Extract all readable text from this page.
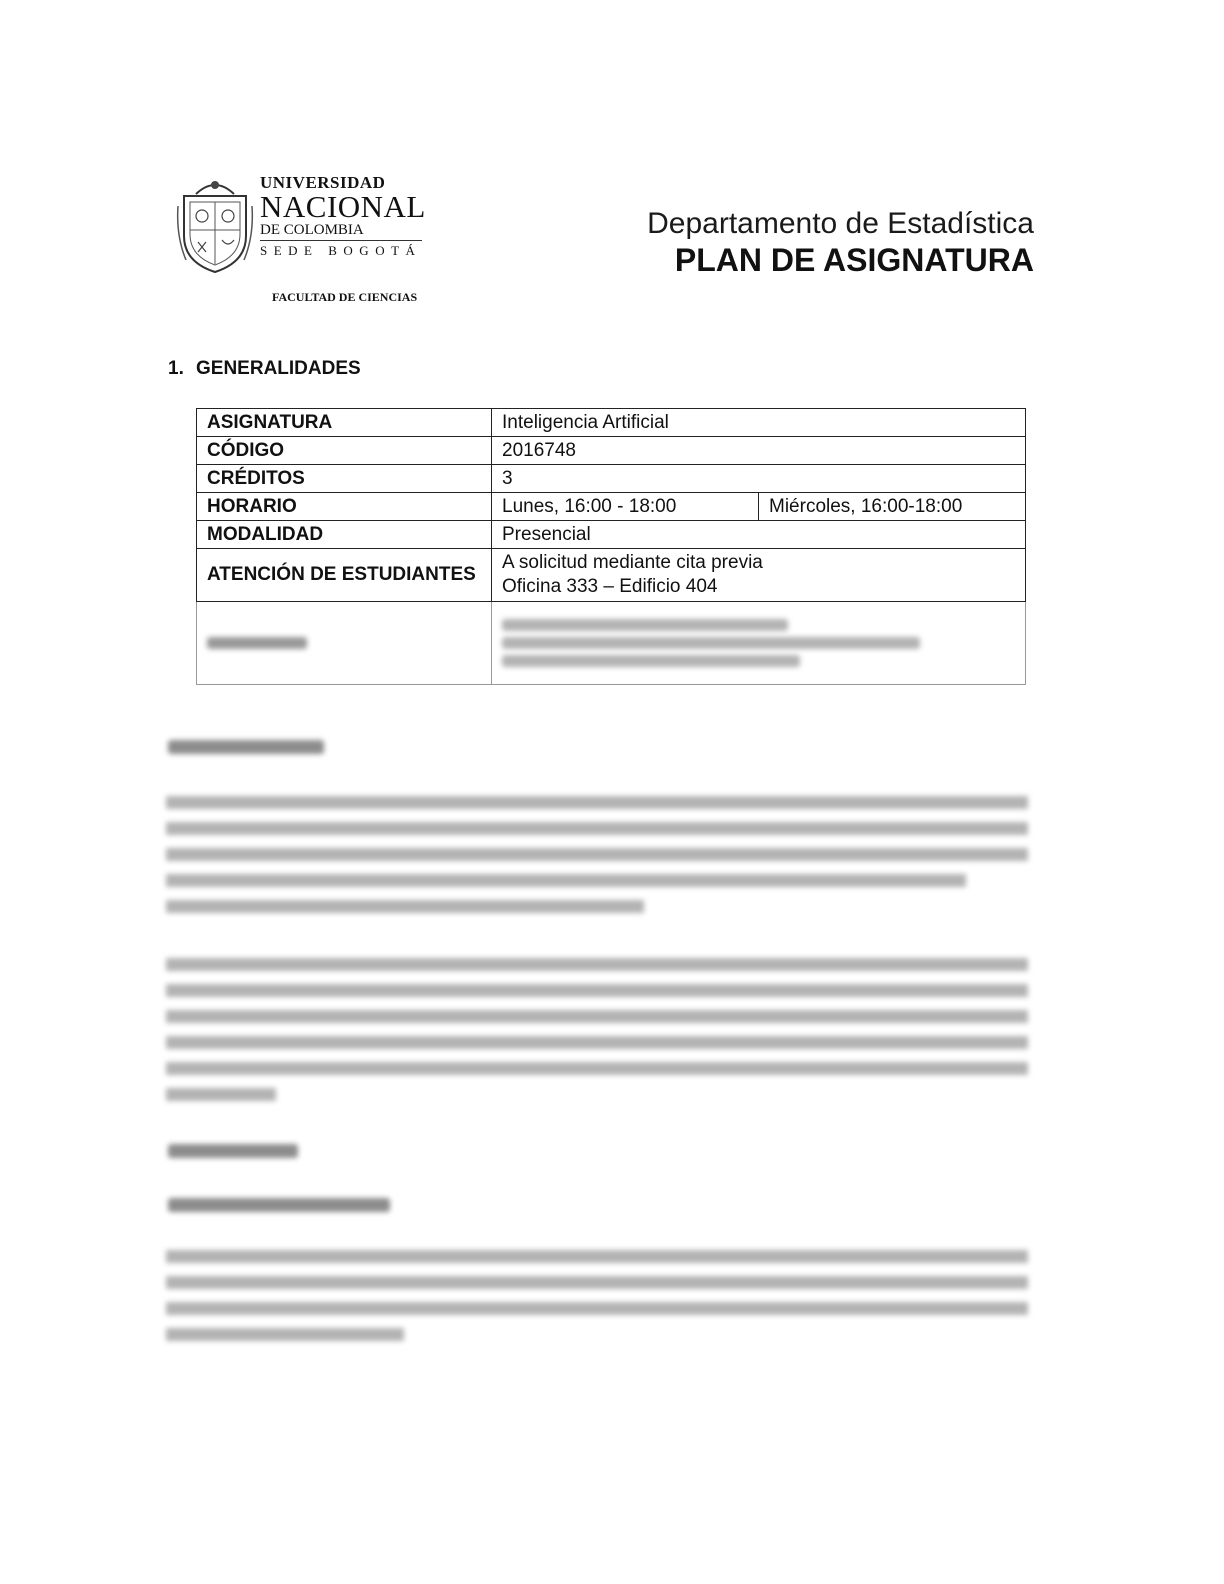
UNIVERSIDAD
NACIONAL
DE COLOMBIA
SEDE BOGOTÁ
FACULTAD DE CIENCIAS
Departamento de Estadística
PLAN DE ASIGNATURA
1. GENERALIDADES
ASIGNATURA	Inteligencia Artificial	
CÓDIGO	2016748	
CRÉDITOS	3	
HORARIO	Lunes, 16:00 - 18:00	Miércoles, 16:00-18:00
MODALIDAD	Presencial	
ATENCIÓN DE ESTUDIANTES	A solicitud mediante cita previa
Oficina 333 – Edificio 404	
